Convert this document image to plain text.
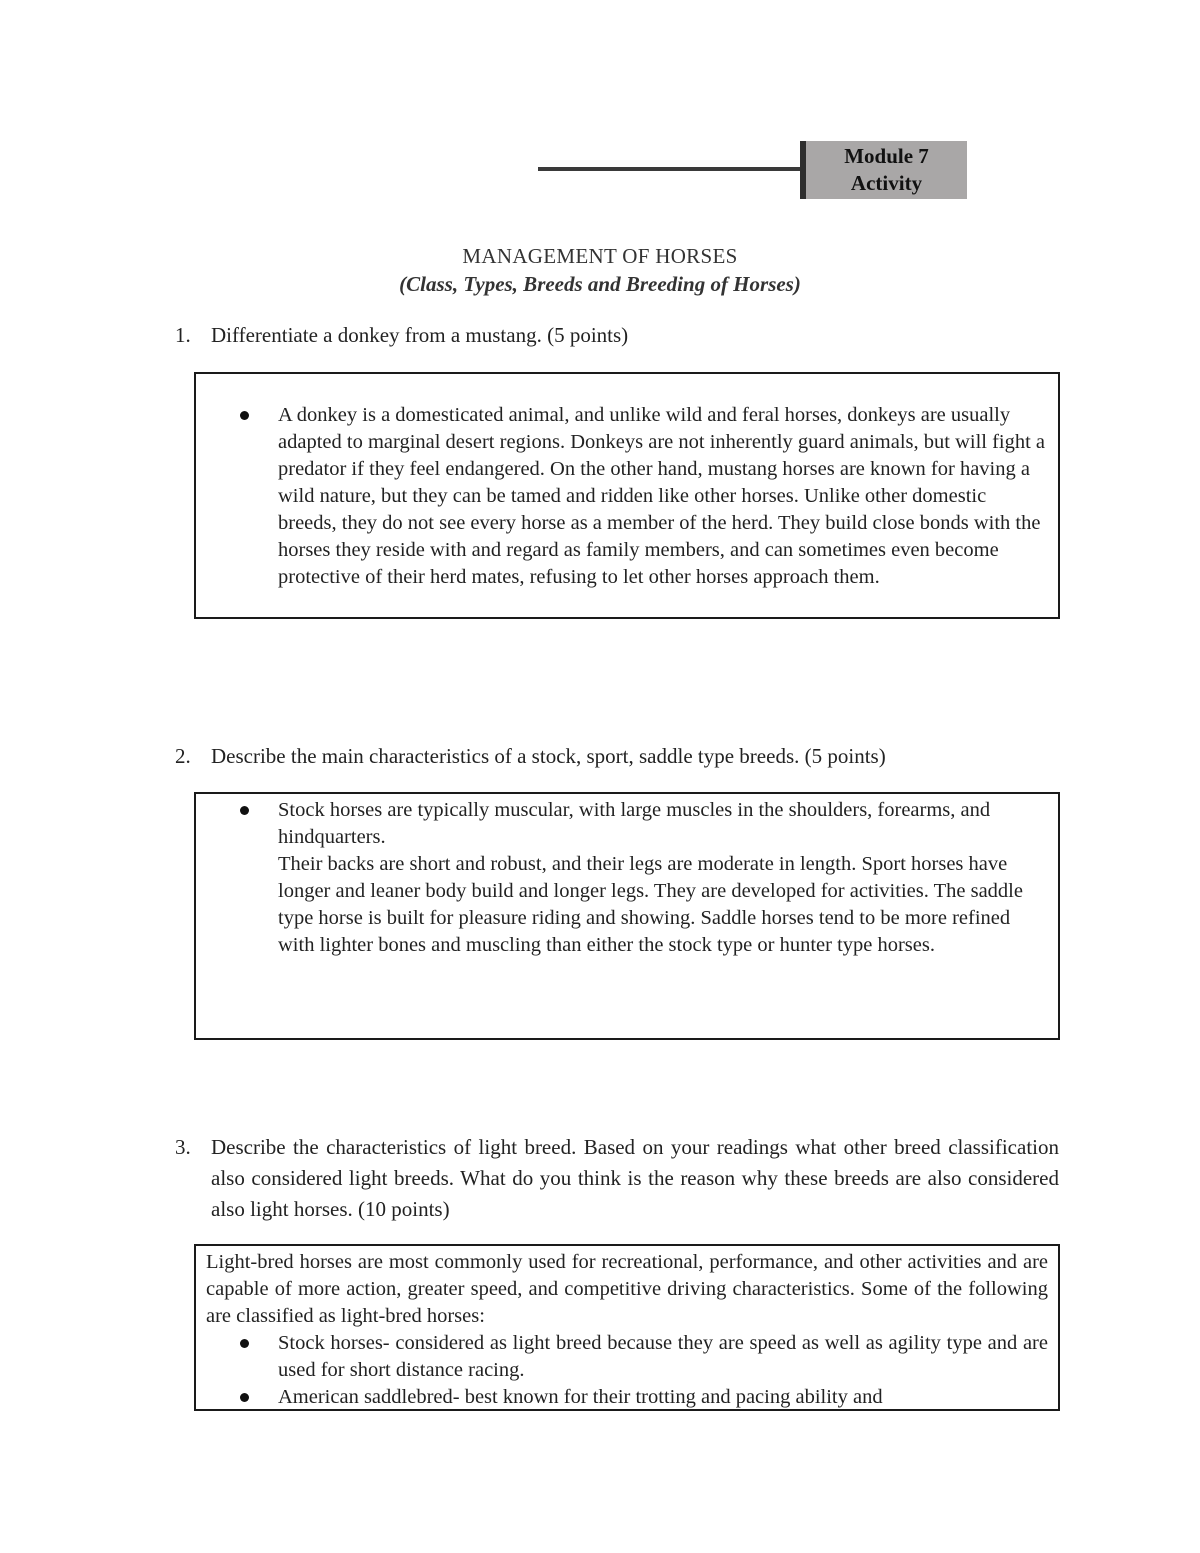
Module 7
Activity
MANAGEMENT OF HORSES
(Class, Types, Breeds and Breeding of Horses)
1. Differentiate a donkey from a mustang. (5 points)
A donkey is a domesticated animal, and unlike wild and feral horses, donkeys are usually adapted to marginal desert regions. Donkeys are not inherently guard animals, but will fight a predator if they feel endangered. On the other hand, mustang horses are known for having a wild nature, but they can be tamed and ridden like other horses. Unlike other domestic breeds, they do not see every horse as a member of the herd. They build close bonds with the horses they reside with and regard as family members, and can sometimes even become protective of their herd mates, refusing to let other horses approach them.
2. Describe the main characteristics of a stock, sport, saddle type breeds. (5 points)
Stock horses are typically muscular, with large muscles in the shoulders, forearms, and hindquarters.
Their backs are short and robust, and their legs are moderate in length. Sport horses have longer and leaner body build and longer legs. They are developed for activities. The saddle type horse is built for pleasure riding and showing. Saddle horses tend to be more refined with lighter bones and muscling than either the stock type or hunter type horses.
3. Describe the characteristics of light breed. Based on your readings what other breed classification also considered light breeds. What do you think is the reason why these breeds are also considered also light horses. (10 points)
Light-bred horses are most commonly used for recreational, performance, and other activities and are capable of more action, greater speed, and competitive driving characteristics. Some of the following are classified as light-bred horses:
Stock horses- considered as light breed because they are speed as well as agility type and are used for short distance racing.
American saddlebred- best known for their trotting and pacing ability and
